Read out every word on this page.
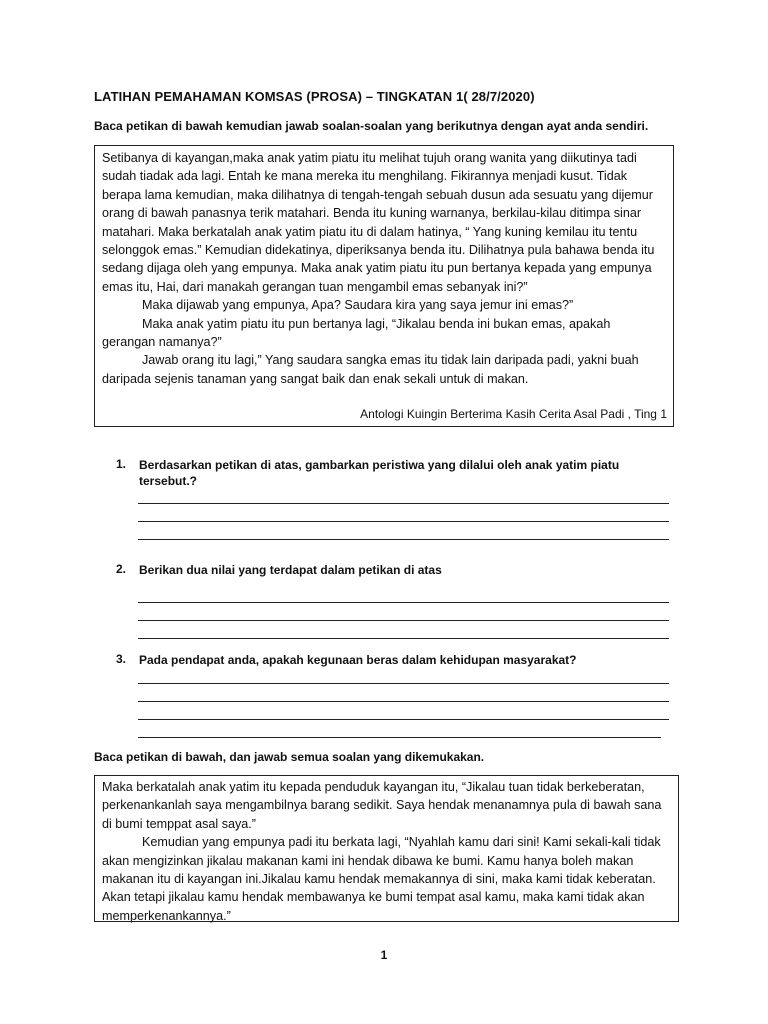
LATIHAN PEMAHAMAN KOMSAS (PROSA) – TINGKATAN 1( 28/7/2020)

Baca petikan di bawah kemudian jawab soalan-soalan yang berikutnya dengan ayat anda sendiri.

Setibanya di kayangan,maka anak yatim piatu itu melihat tujuh orang wanita yang diikutinya tadi sudah tiadak ada lagi. Entah ke mana mereka itu menghilang. Fikirannya menjadi kusut. Tidak berapa lama kemudian, maka dilihatnya di tengah-tengah sebuah dusun ada sesuatu yang dijemur orang di bawah panasnya terik matahari. Benda itu kuning warnanya, berkilau-kilau ditimpa sinar matahari. Maka berkatalah anak yatim piatu itu di dalam hatinya, “ Yang kuning kemilau itu tentu selonggok emas.” Kemudian didekatinya, diperiksanya benda itu. Dilihatnya pula bahawa benda itu sedang dijaga oleh yang empunya. Maka anak yatim piatu itu pun bertanya kepada yang empunya emas itu, Hai, dari manakah gerangan tuan mengambil emas sebanyak ini?”

Maka dijawab yang empunya, Apa? Saudara kira yang saya jemur ini emas?”

Maka anak yatim piatu itu pun bertanya lagi, “Jikalau benda ini bukan emas, apakah gerangan namanya?”

Jawab orang itu lagi,” Yang saudara sangka emas itu tidak lain daripada padi, yakni buah daripada sejenis tanaman yang sangat baik dan enak sekali untuk di makan.

Antologi Kuingin Berterima Kasih Cerita Asal Padi , Ting 1

1.	Berdasarkan petikan di atas, gambarkan peristiwa yang dilalui oleh anak yatim piatu tersebut.?
2.	Berikan dua nilai yang terdapat dalam petikan di atas
3.	Pada pendapat anda, apakah kegunaan beras dalam kehidupan masyarakat?

Baca petikan di bawah, dan jawab semua soalan yang dikemukakan.

Maka berkatalah anak yatim itu kepada penduduk kayangan itu, “Jikalau tuan tidak berkeberatan, perkenankanlah saya mengambilnya barang sedikit. Saya hendak menanamnya pula di bawah sana di bumi temppat asal saya.”

Kemudian yang empunya padi itu berkata lagi, “Nyahlah kamu dari sini! Kami sekali-kali tidak akan mengizinkan jikalau makanan kami ini hendak dibawa ke bumi. Kamu hanya boleh makan makanan itu di kayangan ini.Jikalau kamu hendak memakannya di sini, maka kami tidak keberatan. Akan tetapi jikalau kamu hendak membawanya ke bumi tempat asal kamu, maka kami tidak akan memperkenankannya.”

1
